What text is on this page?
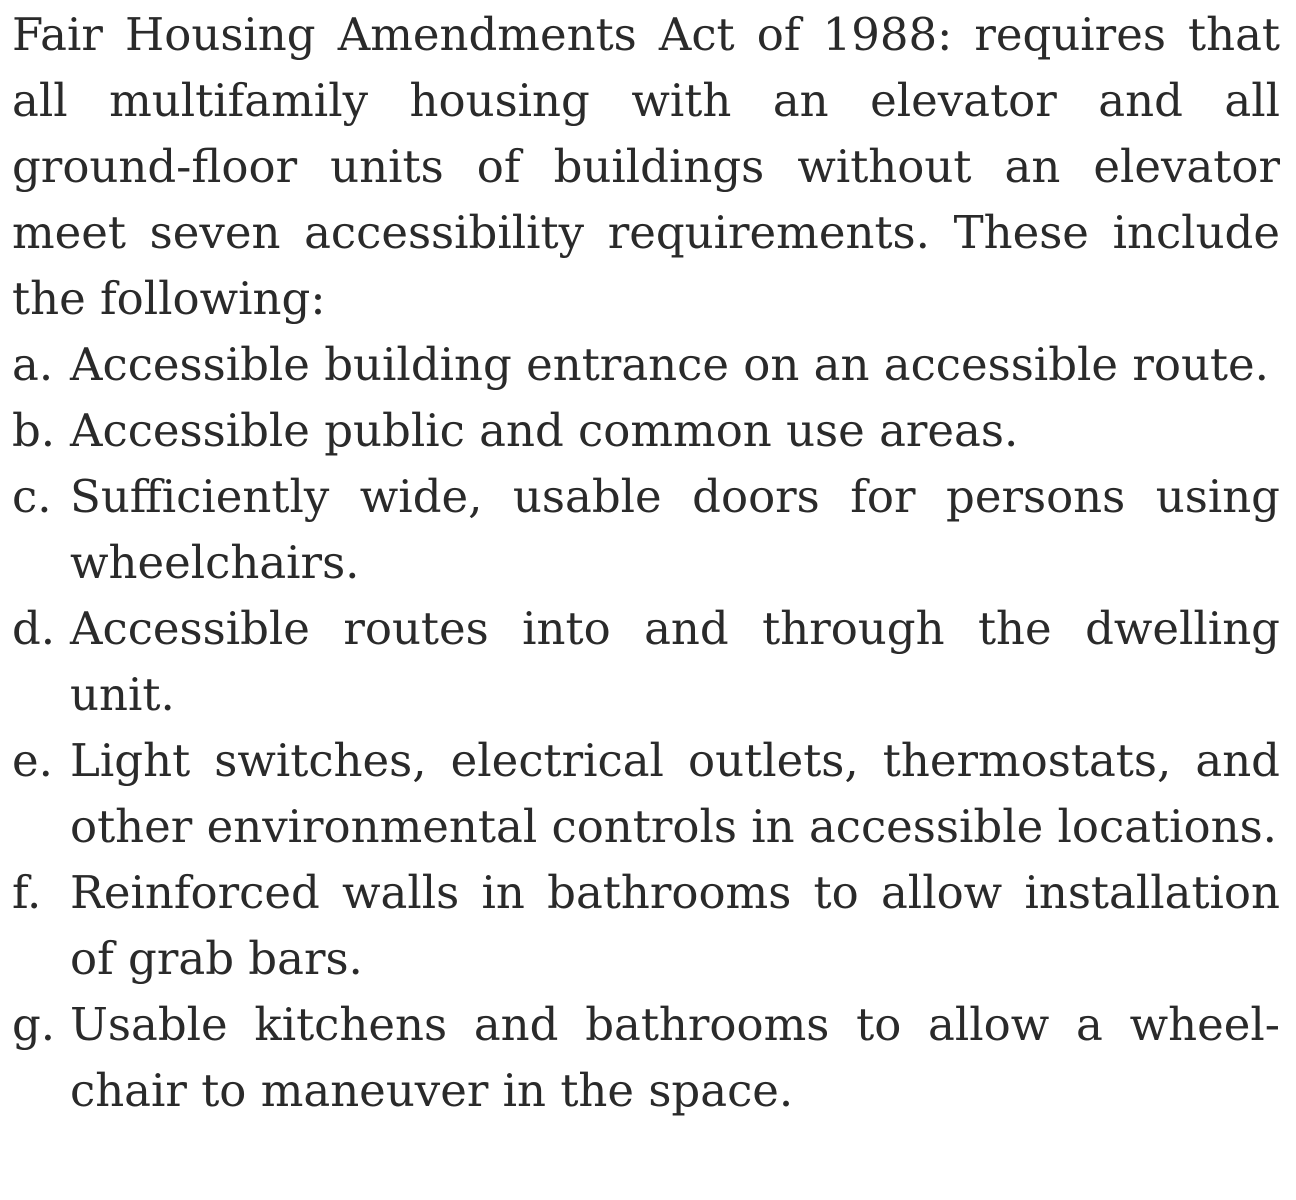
Fair Housing Amendments Act of 1988: requires that all multifamily housing with an elevator and all ground-floor units of buildings without an elevator meet seven accessibility requirements. These include the following:

a. Accessible building entrance on an accessible route.
b. Accessible public and common use areas.
c. Sufficiently wide, usable doors for persons using wheelchairs.
d. Accessible routes into and through the dwelling unit.
e. Light switches, electrical outlets, thermostats, and other environmental controls in accessible locations.
f. Reinforced walls in bathrooms to allow installation of grab bars.
g. Usable kitchens and bathrooms to allow a wheelchair to maneuver in the space.
